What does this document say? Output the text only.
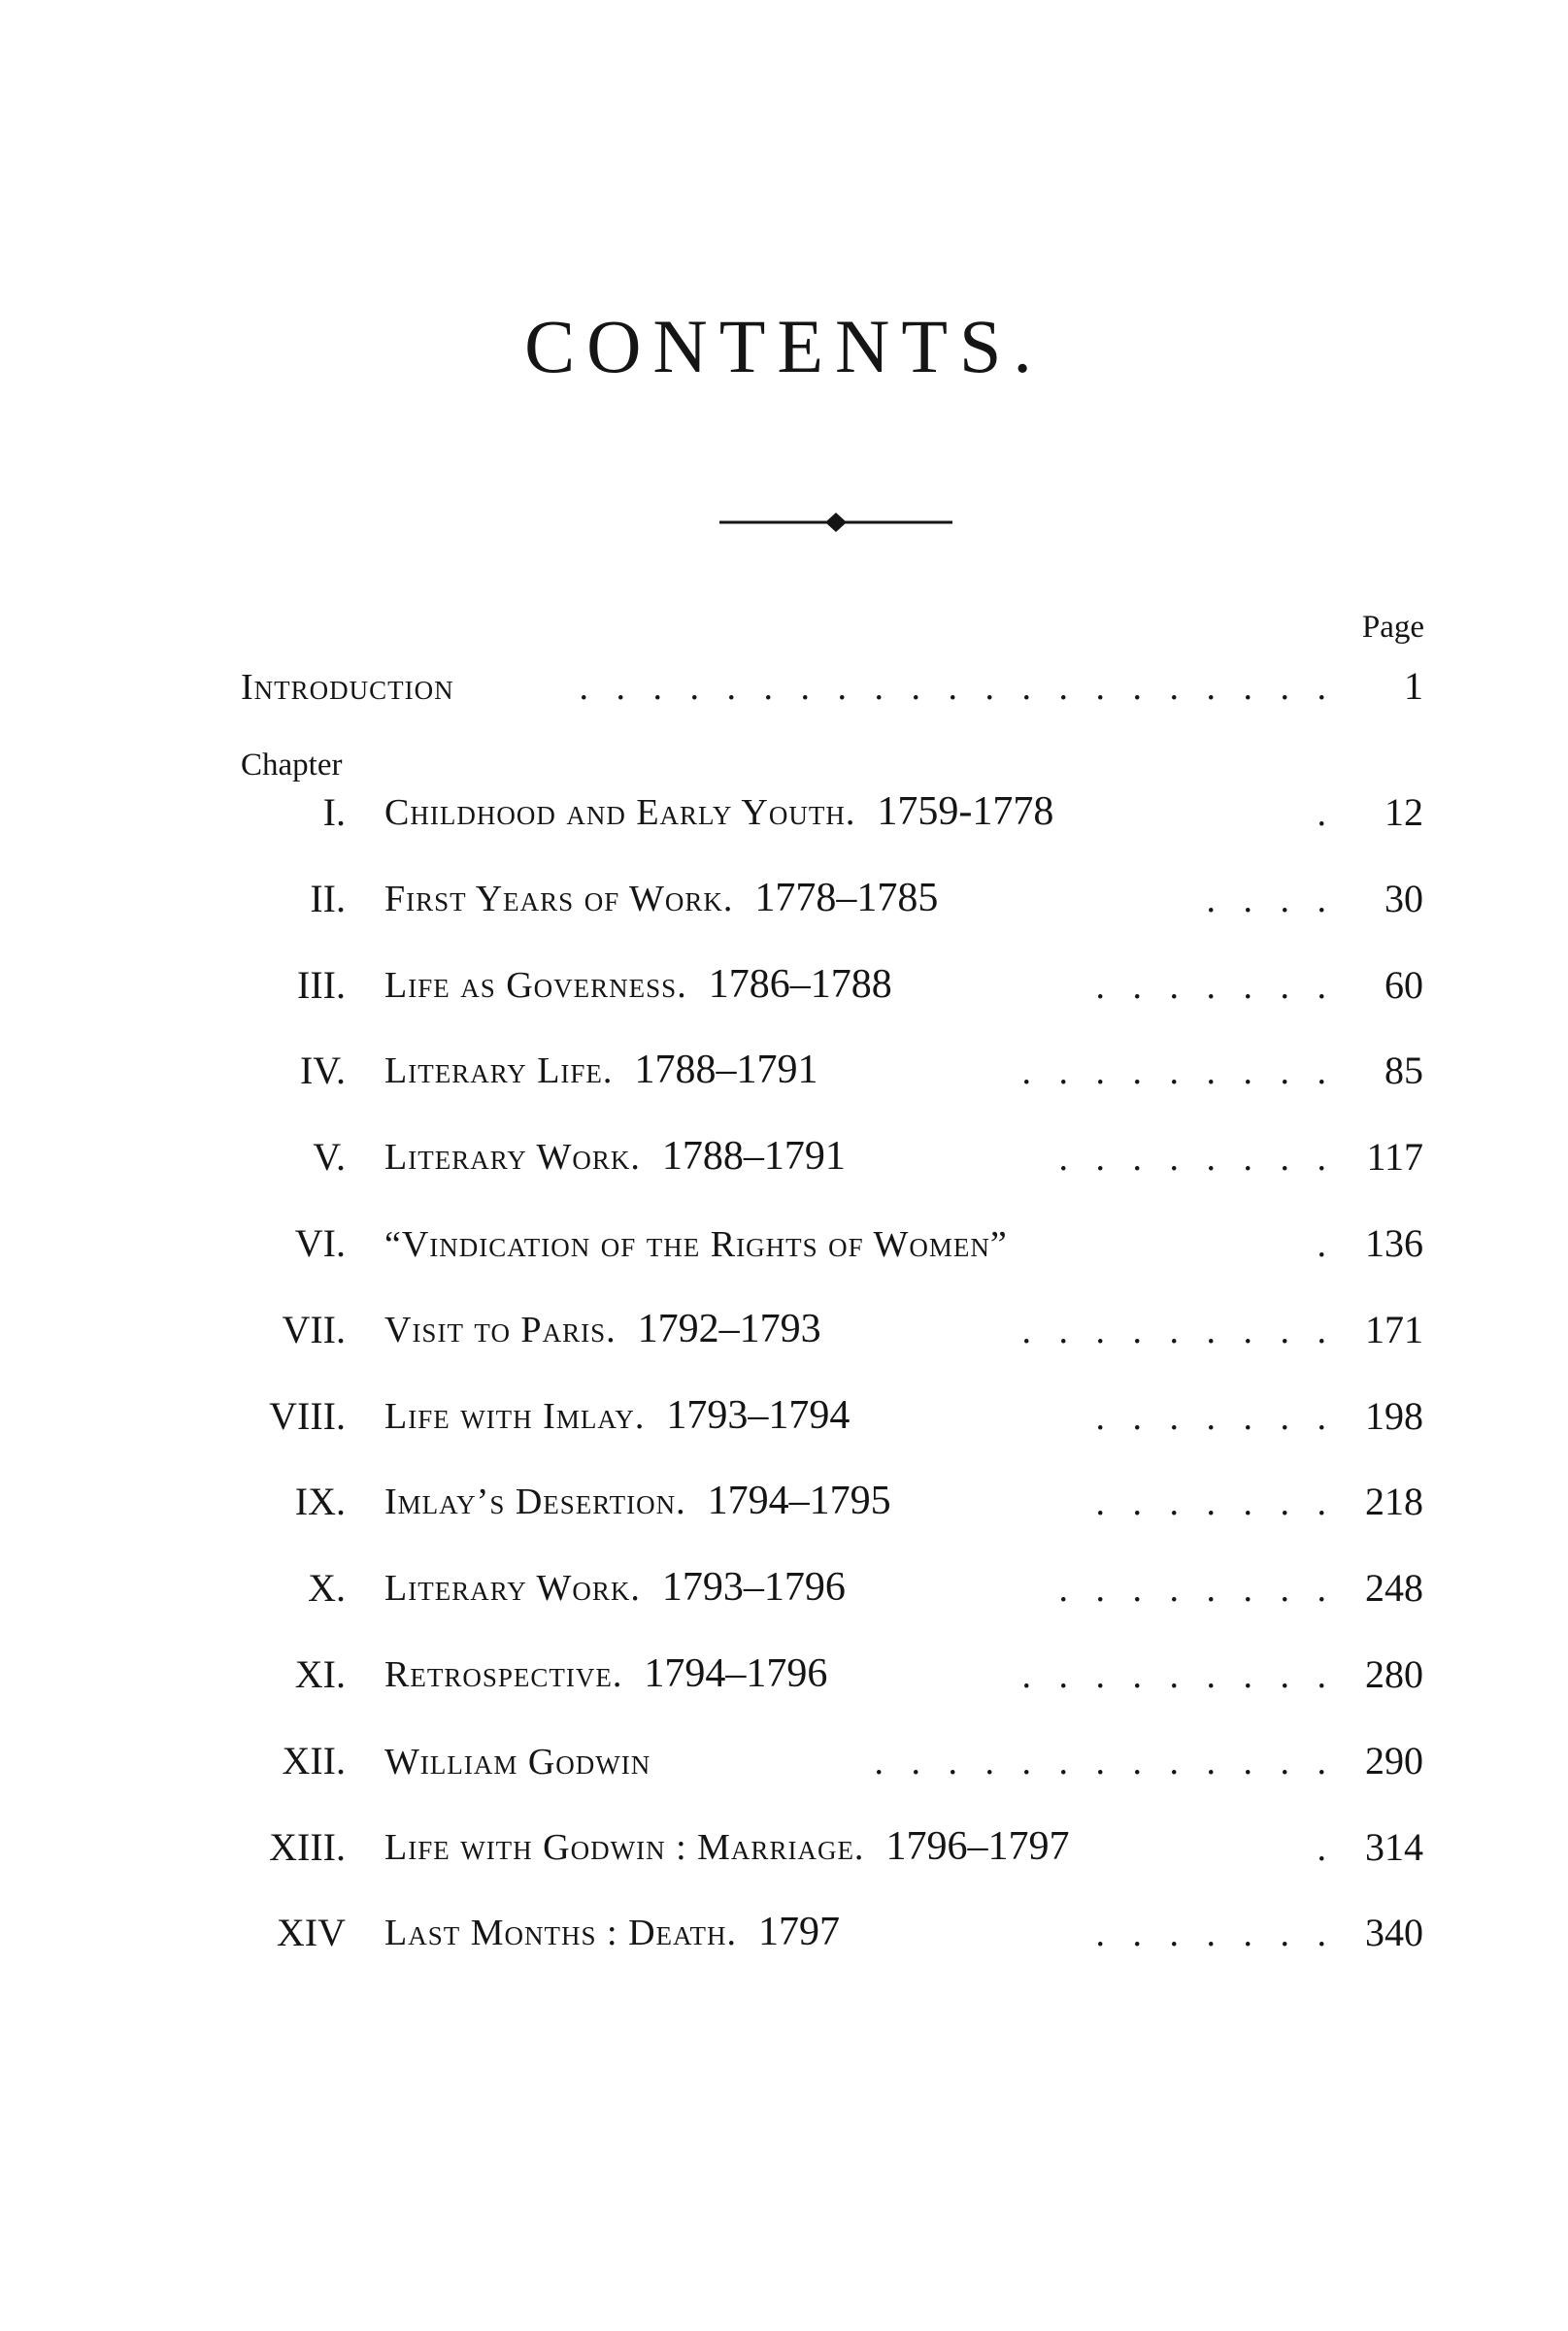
CONTENTS.
Page
Introduction	.   .   .   .   .   .   .   .   .   .   .   .   .   .   .   .   .   .   .   .   . 1
Chapter
I. Childhood and Early Youth. 1759-1778	. 12
II. First Years of Work. 1778–1785	.   .   .   . 30
III. Life as Governess. 1786–1788	.   .   .   .   .   .   . 60
IV. Literary Life. 1788–1791	.   .   .   .   .   .   .   .   . 85
V. Literary Work. 1788–1791	.   .   .   .   .   .   .   . 117
VI. “Vindication of the Rights of Women”	. 136
VII. Visit to Paris. 1792–1793	.   .   .   .   .   .   .   .   . 171
VIII. Life with Imlay. 1793–1794	.   .   .   .   .   .   . 198
IX. Imlay’s Desertion. 1794–1795	.   .   .   .   .   .   . 218
X. Literary Work. 1793–1796	.   .   .   .   .   .   .   . 248
XI. Retrospective. 1794–1796	.   .   .   .   .   .   .   .   . 280
XII. William Godwin	.   .   .   .   .   .   .   .   .   .   .   .   . 290
XIII. Life with Godwin : Marriage. 1796–1797	. 314
XIV Last Months : Death. 1797	.   .   .   .   .   .   . 340
